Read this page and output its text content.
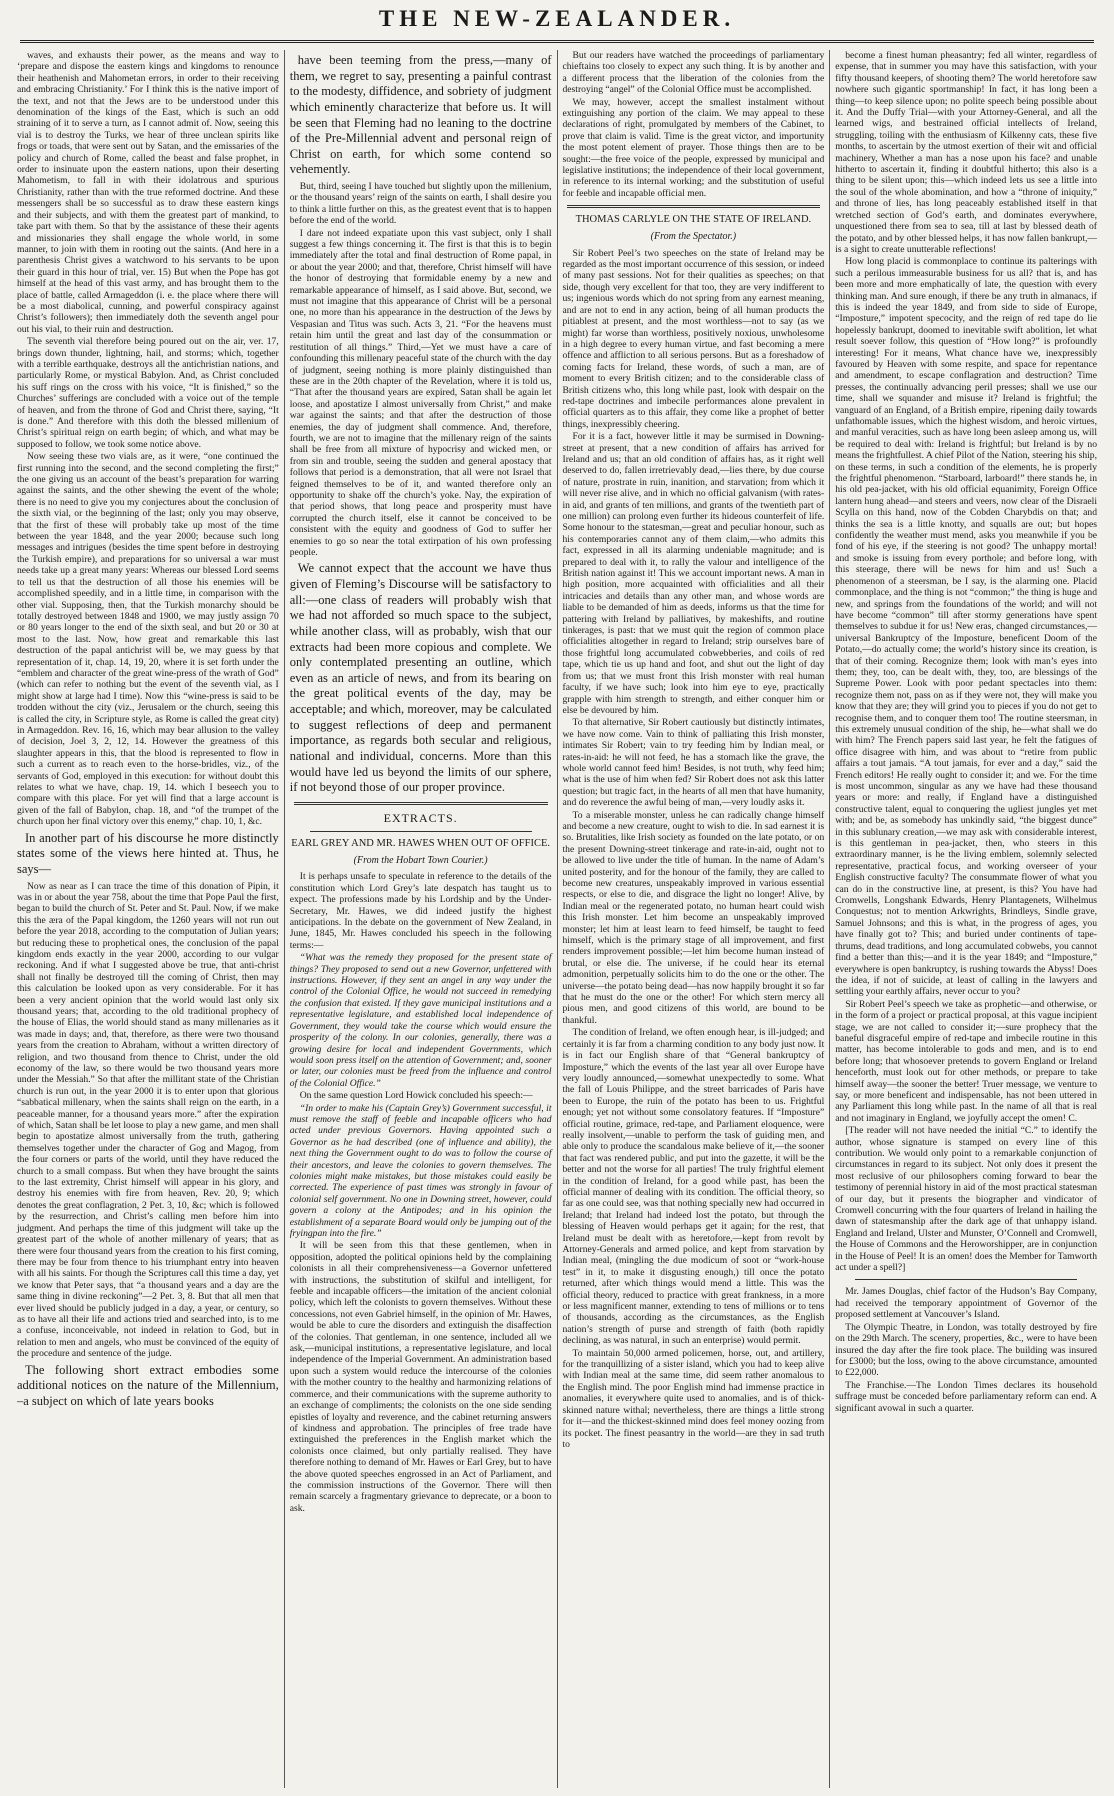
THE NEW-ZEALANDER.

waves, and exhausts their power, as the means and way to ‘prepare and dispose the eastern kings and kingdoms to renounce their heathenish and Mahometan errors, in order to their receiving and embracing Christianity.’ For I think this is the native import of the text, and not that the Jews are to be understood under this denomination of the kings of the East, which is such an odd straining of it to serve a turn, as I cannot admit of. Now, seeing this vial is to destroy the Turks, we hear of three unclean spirits like frogs or toads, that were sent out by Satan, and the emissaries of the policy and church of Rome, called the beast and false prophet, in order to insinuate upon the eastern nations, upon their deserting Mahometism, to fall in with their idolatrous and spurious Christianity, rather than with the true reformed doctrine. And these messengers shall be so successful as to draw these eastern kings and their subjects, and with them the greatest part of mankind, to take part with them. So that by the assistance of these their agents and missionaries they shall engage the whole world, in some manner, to join with them in rooting out the saints. (And here in a parenthesis Christ gives a watchword to his servants to be upon their guard in this hour of trial, ver. 15) But when the Pope has got himself at the head of this vast army, and has brought them to the place of battle, called Armageddon (i. e. the place where there will be a most diabolical, cunning, and powerful conspiracy against Christ’s followers); then immediately doth the seventh angel pour out his vial, to their ruin and destruction.

The seventh vial therefore being poured out on the air, ver. 17, brings down thunder, lightning, hail, and storms; which, together with a terrible earthquake, destroys all the antichristian nations, and particularly Rome, or mystical Babylon. And, as Christ concluded his suff rings on the cross with his voice, “It is finished,” so the Churches’ sufferings are concluded with a voice out of the temple of heaven, and from the throne of God and Christ there, saying, “It is done.” And therefore with this doth the blessed millenium of Christ’s spiritual reign on earth begin; of which, and what may be supposed to follow, we took some notice above.

Now seeing these two vials are, as it were, “one continued the first running into the second, and the second completing the first;” the one giving us an account of the beast’s preparation for warring against the saints, and the other shewing the event of the whole; there is no need to give you my conjectures about the conclusion of the sixth vial, or the beginning of the last; only you may observe, that the first of these will probably take up most of the time between the year 1848, and the year 2000; because such long messages and intrigues (besides the time spent before in destroying the Turkish empire), and preparations for so universal a war must needs take up a great many years: Whereas our blessed Lord seems to tell us that the destruction of all those his enemies will be accomplished speedily, and in a little time, in comparison with the other vial. Supposing, then, that the Turkish monarchy should be totally destroyed between 1848 and 1900, we may justly assign 70 or 80 years longer to the end of the sixth seal, and but 20 or 30 at most to the last. Now, how great and remarkable this last destruction of the papal antichrist will be, we may guess by that representation of it, chap. 14, 19, 20, where it is set forth under the “emblem and character of the great wine-press of the wrath of God” (which can refer to nothing but the event of the seventh vial, as I might show at large had I time). Now this “wine-press is said to be trodden without the city (viz., Jerusalem or the church, seeing this is called the city, in Scripture style, as Rome is called the great city) in Armageddon. Rev. 16, 16, which may bear allusion to the valley of decision, Joel 3, 2, 12, 14. However the greatness of this slaughter appears in this, that the blood is represented to flow in such a current as to reach even to the horse-bridles, viz., of the servants of God, employed in this execution: for without doubt this relates to what we have, chap. 19, 14. which I beseech you to compare with this place. For yet will find that a large account is given of the fall of Babylon, chap. 18, and “of the trumpet of the church upon her final victory over this enemy,” chap. 10, 1, &c.

In another part of his discourse he more distinctly states some of the views here hinted at. Thus, he says—

Now as near as I can trace the time of this donation of Pipin, it was in or about the year 758, about the time that Pope Paul the first, began to build the church of St. Peter and St. Paul. Now, if we make this the æra of the Papal kingdom, the 1260 years will not run out before the year 2018, according to the computation of Julian years; but reducing these to prophetical ones, the conclusion of the papal kingdom ends exactly in the year 2000, according to our vulgar reckoning. And if what I suggested above be true, that anti-christ shall not finally be destroyed till the coming of Christ, then may this calculation be looked upon as very considerable. For it has been a very ancient opinion that the world would last only six thousand years; that, according to the old traditional prophecy of the house of Elias, the world should stand as many millenaries as it was made in days; and, that, therefore, as there were two thousand years from the creation to Abraham, without a written directory of religion, and two thousand from thence to Christ, under the old economy of the law, so there would be two thousand years more under the Messiah.” So that after the millitant state of the Christian church is run out, in the year 2000 it is to enter upon that glorious “sabbatical millenary, when the saints shall reign on the earth, in a peaceable manner, for a thousand years more.” after the expiration of which, Satan shall be let loose to play a new game, and men shall begin to apostatize almost universally from the truth, gathering themselves together under the character of Gog and Magog, from the four corners or parts of the world, until they have reduced the church to a small compass. But when they have brought the saints to the last extremity, Christ himself will appear in his glory, and destroy his enemies with fire from heaven, Rev. 20, 9; which denotes the great conflagration, 2 Pet. 3, 10, &c; which is followed by the resurrection, and Christ’s calling men before him into judgment. And perhaps the time of this judgment will take up the greatest part of the whole of another millenary of years; that as there were four thousand years from the creation to his first coming, there may be four from thence to his triumphant entry into heaven with all his saints. For though the Scriptures call this time a day, yet we know that Peter says, that “a thousand years and a day are the same thing in divine reckoning”—2 Pet. 3, 8. But that all men that ever lived should be publicly judged in a day, a year, or century, so as to have all their life and actions tried and searched into, is to me a confuse, inconceivable, not indeed in relation to God, but in relation to men and angels, who must be convinced of the equity of the procedure and sentence of the judge.

The following short extract embodies some additional notices on the nature of the Millennium, –a subject on which of late years books

have been teeming from the press,—many of them, we regret to say, presenting a painful contrast to the modesty, diffidence, and sobriety of judgment which eminently characterize that before us. It will be seen that Fleming had no leaning to the doctrine of the Pre-Millennial advent and personal reign of Christ on earth, for which some contend so vehemently.

But, third, seeing I have touched but slightly upon the millenium, or the thousand years’ reign of the saints on earth, I shall desire you to think a little further on this, as the greatest event that is to happen before the end of the world.

I dare not indeed expatiate upon this vast subject, only I shall suggest a few things concerning it. The first is that this is to begin immediately after the total and final destruction of Rome papal, in or about the year 2000; and that, therefore, Christ himself will have the honor of destroying that formidable enemy by a new and remarkable appearance of himself, as I said above. But, second, we must not imagine that this appearance of Christ will be a personal one, no more than his appearance in the destruction of the Jews by Vespasian and Titus was such. Acts 3, 21. “For the heavens must retain him until the great and last day of the consummation or restitution of all things.” Third,—Yet we must have a care of confounding this millenary peaceful state of the church with the day of judgment, seeing nothing is more plainly distinguished than these are in the 20th chapter of the Revelation, where it is told us, “That after the thousand years are expired, Satan shall be again let loose, and apostatize I almost universally from Christ,” and make war against the saints; and that after the destruction of those enemies, the day of judgment shall commence. And, therefore, fourth, we are not to imagine that the millenary reign of the saints shall be free from all mixture of hypocrisy and wicked men, or from sin and trouble, seeing the sudden and general apostacy that follows that period is a demonstration, that all were not Israel that feigned themselves to be of it, and wanted therefore only an opportunity to shake off the church’s yoke. Nay, the expiration of that period shows, that long peace and prosperity must have corrupted the church itself, else it cannot be conceived to be consistent with the equity and goodness of God to suffer her enemies to go so near the total extirpation of his own professing people.

We cannot expect that the account we have thus given of Fleming’s Discourse will be satisfactory to all:—one class of readers will probably wish that we had not afforded so much space to the subject, while another class, will as probably, wish that our extracts had been more copious and complete. We only contemplated presenting an outline, which even as an article of news, and from its bearing on the great political events of the day, may be acceptable; and which, moreover, may be calculated to suggest reflections of deep and permanent importance, as regards both secular and religious, national and individual, concerns. More than this would have led us beyond the limits of our sphere, if not beyond those of our proper province.

EXTRACTS.
EARL GREY AND MR. HAWES WHEN OUT OF OFFICE.
(From the Hobart Town Courier.)

It is perhaps unsafe to speculate in reference to the details of the constitution which Lord Grey’s late despatch has taught us to expect. The professions made by his Lordship and by the Under-Secretary, Mr. Hawes, we did indeed justify the highest anticipations. In the debate on the government of New Zealand, in June, 1845, Mr. Hawes concluded his speech in the following terms:—

“What was the remedy they proposed for the present state of things? They proposed to send out a new Governor, unfettered with instructions. However, if they sent an angel in any way under the control of the Colonial Office, he would not succeed in remedying the confusion that existed. If they gave municipal institutions and a representative legislature, and established local independence of Government, they would take the course which would ensure the prosperity of the colony. In our colonies, generally, there was a growing desire for local and independent Governments, which would soon press itself on the attention of Government; and, sooner or later, our colonies must be freed from the influence and control of the Colonial Office.”

On the same question Lord Howick concluded his speech:—

“In order to make his (Captain Grey’s) Government successful, it must remove the staff of feeble and incapable officers who had acted under previous Governors. Having appointed such a Governor as he had described (one of influence and ability), the next thing the Government ought to do was to follow the course of their ancestors, and leave the colonies to govern themselves. The colonies might make mistakes, but those mistakes could easily be corrected. The experience of past times was strongly in favour of colonial self government. No one in Downing street, however, could govern a colony at the Antipodes; and in his opinion the establishment of a separate Board would only be jumping out of the fryingpan into the fire.”

It will be seen from this that these gentlemen, when in opposition, adopted the political opinions held by the complaining colonists in all their comprehensiveness—a Governor unfettered with instructions, the substitution of skilful and intelligent, for feeble and incapable officers—the imitation of the ancient colonial policy, which left the colonists to govern themselves. Without these concessions, not even Gabriel himself, in the opinion of Mr. Hawes, would be able to cure the disorders and extinguish the disaffection of the colonies. That gentleman, in one sentence, included all we ask,—municipal institutions, a representative legislature, and local independence of the Imperial Government. An administration based upon such a system would reduce the intercourse of the colonies with the mother country to the healthy and harmonizing relations of commerce, and their communications with the supreme authority to an exchange of compliments; the colonists on the one side sending epistles of loyalty and reverence, and the cabinet returning answers of kindness and approbation. The principles of free trade have extinguished the preferences in the English market which the colonists once claimed, but only partially realised. They have therefore nothing to demand of Mr. Hawes or Earl Grey, but to have the above quoted speeches engrossed in an Act of Parliament, and the commission instructions of the Governor. There will then remain scarcely a fragmentary grievance to deprecate, or a boon to ask.

But our readers have watched the proceedings of parliamentary chieftains too closely to expect any such thing. It is by another and a different process that the liberation of the colonies from the destroying “angel” of the Colonial Office must be accomplished.

We may, however, accept the smallest instalment without extinguishing any portion of the claim. We may appeal to these declarations of right, promulgated by members of the Cabinet, to prove that claim is valid. Time is the great victor, and importunity the most potent element of prayer. Those things then are to be sought:—the free voice of the people, expressed by municipal and legislative institutions; the independence of their local government, in reference to its internal working; and the substitution of useful for feeble and incapable official men.

THOMAS CARLYLE ON THE STATE OF IRELAND.
(From the Spectator.)

Sir Robert Peel’s two speeches on the state of Ireland may be regarded as the most important occurrence of this session, or indeed of many past sessions. Not for their qualities as speeches; on that side, though very excellent for that too, they are very indifferent to us; ingenious words which do not spring from any earnest meaning, and are not to end in any action, being of all human products the pitiablest at present, and the most worthless—not to say (as we might) far worse than worthless, positively noxious, unwholesome in a high degree to every human virtue, and fast becoming a mere offence and affliction to all serious persons. But as a foreshadow of coming facts for Ireland, these words, of such a man, are of moment to every British citizen; and to the considerable class of British citizens who, this long while past, look with despair on the red-tape doctrines and imbecile performances alone prevalent in official quarters as to this affair, they come like a prophet of better things, inexpressibly cheering.

For it is a fact, however little it may be surmised in Downing-street at present, that a new condition of affairs has arrived for Ireland and us; that an old condition of affairs has, as it right well deserved to do, fallen irretrievably dead,—lies there, by due course of nature, prostrate in ruin, inanition, and starvation; from which it will never rise alive, and in which no official galvanism (with rates-in aid, and grants of ten millions, and grants of the twentieth part of one million) can prolong even further its hideous counterfeit of life. Some honour to the statesman,—great and peculiar honour, such as his contemporaries cannot any of them claim,—who admits this fact, expressed in all its alarming undeniable magnitude; and is prepared to deal with it, to rally the valour and intelligence of the British nation against it! This we account important news. A man in high position, more acquainted with officialities and all their intricacies and details than any other man, and whose words are liable to be demanded of him as deeds, informs us that the time for pattering with Ireland by palliatives, by makeshifts, and routine tinkerages, is past: that we must quit the region of common place officialities altogether in regard to Ireland; strip ourselves bare of those frightful long accumulated cobwebberies, and coils of red tape, which tie us up hand and foot, and shut out the light of day from us; that we must front this Irish monster with real human faculty, if we have such; look into him eye to eye, practically grapple with him strength to strength, and either conquer him or else be devoured by him.

To that alternative, Sir Robert cautiously but distinctly intimates, we have now come. Vain to think of palliating this Irish monster, intimates Sir Robert; vain to try feeding him by Indian meal, or rates-in-aid: he will not feed, he has a stomach like the grave, the whole world cannot feed him! Besides, is not truth, why feed him; what is the use of him when fed? Sir Robert does not ask this latter question; but tragic fact, in the hearts of all men that have humanity, and do reverence the awful being of man,—very loudly asks it.

To a miserable monster, unless he can radically change himself and become a new creature, ought to wish to die. In sad earnest it is so. Brutalities, like Irish society as founded on the late potato, or on the present Downing-street tinkerage and rate-in-aid, ought not to be allowed to live under the title of human. In the name of Adam’s united posterity, and for the honour of the family, they are called to become new creatures, unspeakably improved in various essential respects, or else to die, and disgrace the light no longer! Alive, by Indian meal or the regenerated potato, no human heart could wish this Irish monster. Let him become an unspeakably improved monster; let him at least learn to feed himself, be taught to feed himself, which is the primary stage of all improvement, and first renders improvement possible;—let him become human instead of brutal, or else die. The universe, if he could hear its eternal admonition, perpetually solicits him to do the one or the other. The universe—the potato being dead—has now happily brought it so far that he must do the one or the other! For which stern mercy all pious men, and good citizens of this world, are bound to be thankful.

The condition of Ireland, we often enough hear, is ill-judged; and certainly it is far from a charming condition to any body just now. It is in fact our English share of that “General bankruptcy of Imposture,” which the events of the last year all over Europe have very loudly announced,—somewhat unexpectedly to some. What the fall of Louis Philippe, and the street barricades of Paris have been to Europe, the ruin of the potato has been to us. Frightful enough; yet not without some consolatory features. If “Imposture” official routine, grimace, red-tape, and Parliament eloquence, were really insolvent,—unable to perform the task of guiding men, and able only to produce the scandalous make believe of it,—the sooner that fact was rendered public, and put into the gazette, it will be the better and not the worse for all parties! The truly frightful element in the condition of Ireland, for a good while past, has been the official manner of dealing with its condition. The official theory, so far as one could see, was that nothing specially new had occurred in Ireland; that Ireland had indeed lost the potato, but through the blessing of Heaven would perhaps get it again; for the rest, that Ireland must be dealt with as heretofore,—kept from revolt by Attorney-Generals and armed police, and kept from starvation by Indian meal, (mingling the due modicum of soot or “work-house test” in it, to make it disgusting enough,) till once the potato returned, after which things would mend a little. This was the official theory, reduced to practice with great frankness, in a more or less magnificent manner, extending to tens of millions or to tens of thousands, according as the circumstances, as the English nation’s strength of purse and strength of faith (both rapidly declining, as was natural, in such an enterprise) would permit.

To maintain 50,000 armed policemen, horse, out, and artillery, for the tranquillizing of a sister island, which you had to keep alive with Indian meal at the same time, did seem rather anomalous to the English mind. The poor English mind had immense practice in anomalies, it everywhere quite used to anomalies, and is of thick-skinned nature withal; nevertheless, there are things a little strong for it—and the thickest-skinned mind does feel money oozing from its pocket. The finest peasantry in the world—are they in sad truth to

become a finest human pheasantry; fed all winter, regardless of expense, that in summer you may have this satisfaction, with your fifty thousand keepers, of shooting them? The world heretofore saw nowhere such gigantic sportmanship! In fact, it has long been a thing—to keep silence upon; no polite speech being possible about it. And the Duffy Trial—with your Attorney-General, and all the learned wigs, and bestrained official intellects of Ireland, struggling, toiling with the enthusiasm of Kilkenny cats, these five months, to ascertain by the utmost exertion of their wit and official machinery, Whether a man has a nose upon his face? and unable hitherto to ascertain it, finding it doubtful hitherto; this also is a thing to be silent upon; this—which indeed lets us see a little into the soul of the whole abomination, and how a “throne of iniquity,” and throne of lies, has long peaceably established itself in that wretched section of God’s earth, and dominates everywhere, unquestioned there from sea to sea, till at last by blessed death of the potato, and by other blessed helps, it has now fallen bankrupt,—is a sight to create unutterable reflections!

How long placid is commonplace to continue its palterings with such a perilous immeasurable business for us all? that is, and has been more and more emphatically of late, the question with every thinking man. And sure enough, if there be any truth in almanacs, if this is indeed the year 1849, and from side to side of Europe, “Imposture,” impotent specocity, and the reign of red tape do lie hopelessly bankrupt, doomed to inevitable swift abolition, let what result soever follow, this question of “How long?” is profoundly interesting! For it means, What chance have we, inexpressibly favoured by Heaven with some respite, and space for repentance and amendment, to escape conflagration and destruction? Time presses, the continually advancing peril presses; shall we use our time, shall we squander and misuse it? Ireland is frightful; the vanguard of an England, of a British empire, ripening daily towards unfathomable issues, which the highest wisdom, and heroic virtues, and manful veracities, such as have long been asleep among us, will be required to deal with: Ireland is frightful; but Ireland is by no means the frightfullest. A chief Pilot of the Nation, steering his ship, on these terms, in such a condition of the elements, he is properly the frightful phenomenon. “Starboard, larboard!” there stands he, in his old pea-jacket, with his old official equanimity, Foreign Office lantern hung ahead—and steers and veers, now clear of the Disraeli Scylla on this hand, now of the Cobden Charybdis on that; and thinks the sea is a little knotty, and squalls are out; but hopes confidently the weather must mend, asks you meanwhile if you be fond of his eye, if the steering is not good? The unhappy mortal! and smoke is issuing from every porthole; and before long, with this steerage, there will be news for him and us! Such a phenomenon of a steersman, be I say, is the alarming one. Placid commonplace, and the thing is not “common;” the thing is huge and new, and springs from the foundations of the world; and will not have become “common” till after stormy generations have spent themselves to subdue it for us! New eras, changed circumstances,—universal Bankruptcy of the Imposture, beneficent Doom of the Potato,—do actually come; the world’s history since its creation, is that of their coming. Recognize them; look with man’s eyes into them; they, too, can be dealt with, they, too, are blessings of the Supreme Power. Look with poor pedant spectacles into them: recognize them not, pass on as if they were not, they will make you know that they are; they will grind you to pieces if you do not get to recognise them, and to conquer them too! The routine steersman, in this extremely unusual condition of the ship, he—what shall we do with him? The French papers said last year, he felt the fatigues of office disagree with him, and was about to “retire from public affairs a tout jamais. “A tout jamais, for ever and a day,” said the French editors! He really ought to consider it; and we. For the time is most uncommon, singular as any we have had these thousand years or more: and really, if England have a distinguished constructive talent, equal to conquering the ugliest jungles yet met with; and be, as somebody has unkindly said, “the biggest dunce” in this sublunary creation,—we may ask with considerable interest, is this gentleman in pea-jacket, then, who steers in this extraordinary manner, is he the living emblem, solemnly selected representative, practical focus, and working overseer of your English constructive faculty? The consummate flower of what you can do in the constructive line, at present, is this? You have had Cromwells, Longshank Edwards, Henry Plantagenets, Wilhelmus Conquestus; not to mention Arkwrights, Brindleys, Sindle grave, Samuel Johnsons; and this is what, in the progress of ages, you have finally got to? This; and buried under continents of tape-thrums, dead traditions, and long accumulated cobwebs, you cannot find a better than this;—and it is the year 1849; and “Imposture,” everywhere is open bankruptcy, is rushing towards the Abyss! Does the idea, if not of suicide, at least of calling in the lawyers and settling your earthly affairs, never occur to you?

Sir Robert Peel’s speech we take as prophetic—and otherwise, or in the form of a project or practical proposal, at this vague incipient stage, we are not called to consider it;—sure prophecy that the baneful disgraceful empire of red-tape and imbecile routine in this matter, has become intolerable to gods and men, and is to end before long; that whosoever pretends to govern England or Ireland henceforth, must look out for other methods, or prepare to take himself away—the sooner the better! Truer message, we venture to say, or more beneficent and indispensable, has not been uttered in any Parliament this long while past. In the name of all that is real and not imaginary in England, we joyfully accept the omen! C.

[The reader will not have needed the initial “C.” to identify the author, whose signature is stamped on every line of this contribution. We would only point to a remarkable conjunction of circumstances in regard to its subject. Not only does it present the most reclusive of our philosophers coming forward to bear the testimony of perennial history in aid of the most practical statesman of our day, but it presents the biographer and vindicator of Cromwell concurring with the four quarters of Ireland in hailing the dawn of statesmanship after the dark age of that unhappy island. England and Ireland, Ulster and Munster, O’Connell and Cromwell, the House of Commons and the Heroworshipper, are in conjunction in the House of Peel! It is an omen! does the Member for Tamworth act under a spell?]

Mr. James Douglas, chief factor of the Hudson’s Bay Company, had received the temporary appointment of Governor of the proposed settlement at Vancouver’s Island.

The Olympic Theatre, in London, was totally destroyed by fire on the 29th March. The scenery, properties, &c., were to have been insured the day after the fire took place. The building was insured for £3000; but the loss, owing to the above circumstance, amounted to £22,000.

The Franchise.—The London Times declares its household suffrage must be conceded before parliamentary reform can end. A significant avowal in such a quarter.
